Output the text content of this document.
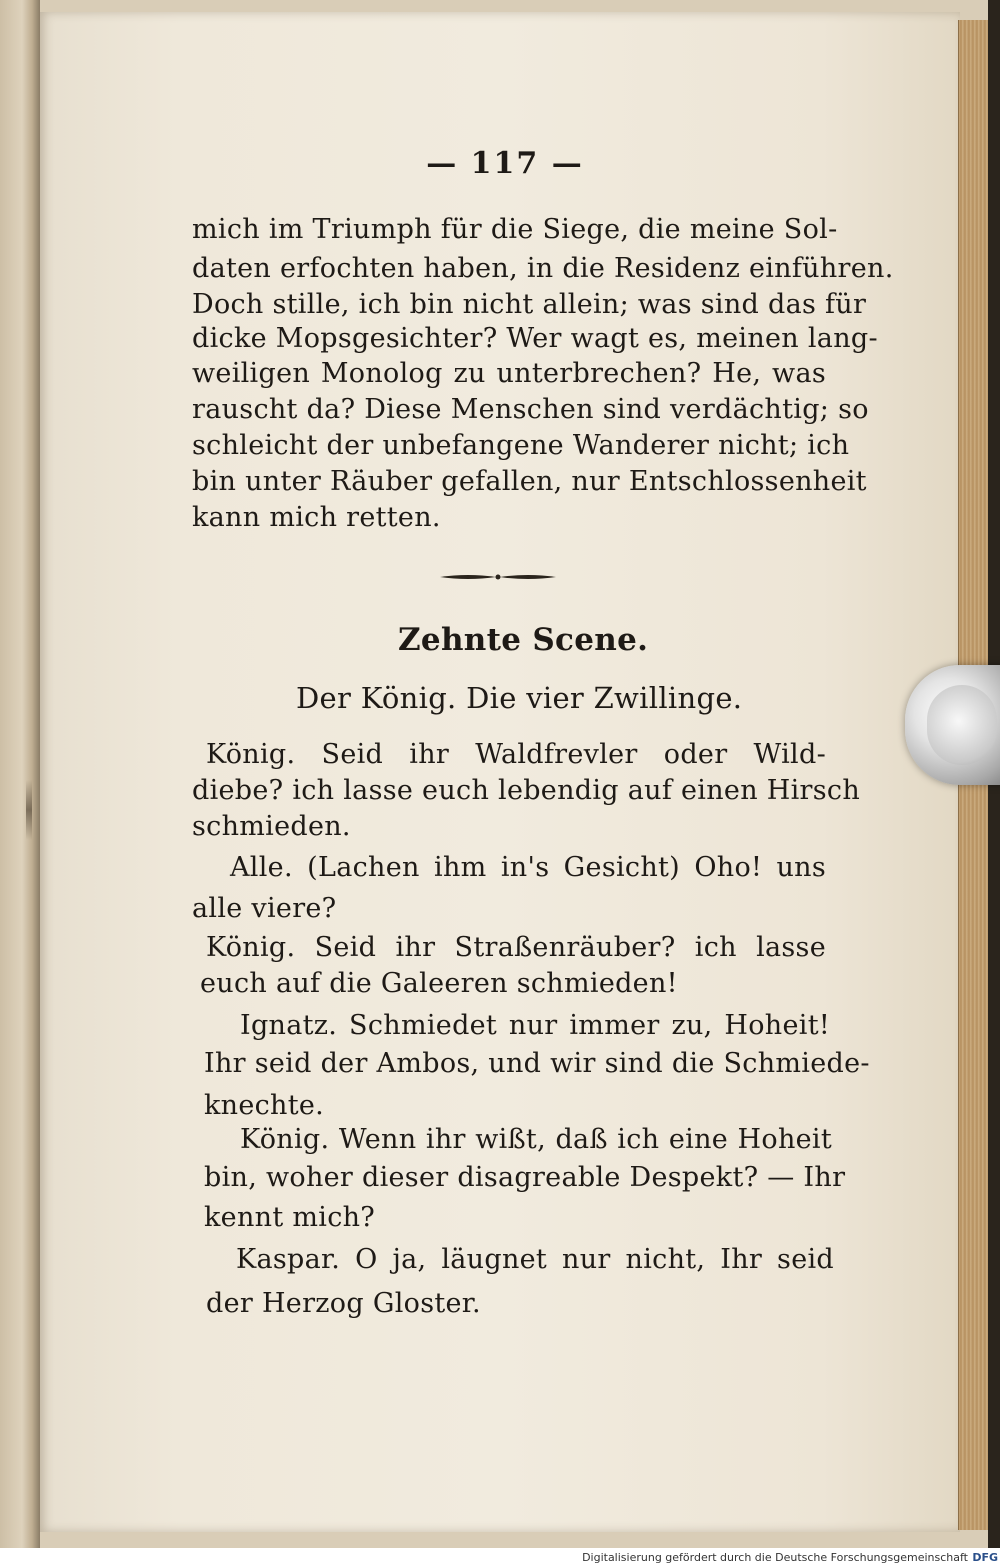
— 117 —
mich im Triumph für die Siege, die meine Sol-
daten erfochten haben, in die Residenz einführen.
Doch stille, ich bin nicht allein; was sind das für
dicke Mopsgesichter? Wer wagt es, meinen lang-
weiligen Monolog zu unterbrechen? He, was
rauscht da? Diese Menschen sind verdächtig; so
schleicht der unbefangene Wanderer nicht; ich
bin unter Räuber gefallen, nur Entschlossenheit
kann mich retten.
Zehnte Scene.
Der König. Die vier Zwillinge.
König. Seid ihr Waldfrevler oder Wild-
diebe? ich lasse euch lebendig auf einen Hirsch
schmieden.
Alle. (Lachen ihm in's Gesicht) Oho! uns
alle viere?
König. Seid ihr Straßenräuber? ich lasse
euch auf die Galeeren schmieden!
Ignatz. Schmiedet nur immer zu, Hoheit!
Ihr seid der Ambos, und wir sind die Schmiede-
knechte.
König. Wenn ihr wißt, daß ich eine Hoheit
bin, woher dieser disagreable Despekt? — Ihr
kennt mich?
Kaspar. O ja, läugnet nur nicht, Ihr seid
der Herzog Gloster.
Digitalisierung gefördert durch die Deutsche Forschungsgemeinschaft DFG
